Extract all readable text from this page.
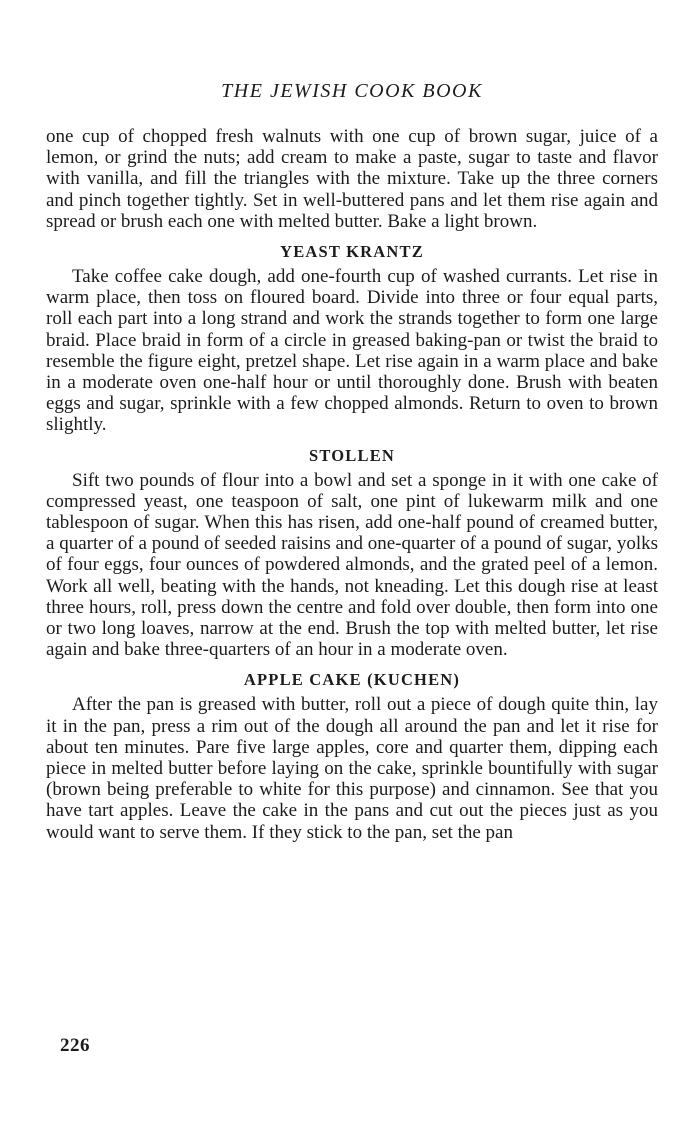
THE JEWISH COOK BOOK

one cup of chopped fresh walnuts with one cup of brown sugar, juice of a lemon, or grind the nuts; add cream to make a paste, sugar to taste and flavor with vanilla, and fill the triangles with the mixture. Take up the three corners and pinch together tightly. Set in well-buttered pans and let them rise again and spread or brush each one with melted butter. Bake a light brown.

YEAST KRANTZ

Take coffee cake dough, add one-fourth cup of washed currants. Let rise in warm place, then toss on floured board. Divide into three or four equal parts, roll each part into a long strand and work the strands together to form one large braid. Place braid in form of a circle in greased baking-pan or twist the braid to resemble the figure eight, pretzel shape. Let rise again in a warm place and bake in a moderate oven one-half hour or until thoroughly done. Brush with beaten eggs and sugar, sprinkle with a few chopped almonds. Return to oven to brown slightly.

STOLLEN

Sift two pounds of flour into a bowl and set a sponge in it with one cake of compressed yeast, one teaspoon of salt, one pint of lukewarm milk and one tablespoon of sugar. When this has risen, add one-half pound of creamed butter, a quarter of a pound of seeded raisins and one-quarter of a pound of sugar, yolks of four eggs, four ounces of powdered almonds, and the grated peel of a lemon. Work all well, beating with the hands, not kneading. Let this dough rise at least three hours, roll, press down the centre and fold over double, then form into one or two long loaves, narrow at the end. Brush the top with melted butter, let rise again and bake three-quarters of an hour in a moderate oven.

APPLE CAKE (KUCHEN)

After the pan is greased with butter, roll out a piece of dough quite thin, lay it in the pan, press a rim out of the dough all around the pan and let it rise for about ten minutes. Pare five large apples, core and quarter them, dipping each piece in melted butter before laying on the cake, sprinkle bountifully with sugar (brown being preferable to white for this purpose) and cinnamon. See that you have tart apples. Leave the cake in the pans and cut out the pieces just as you would want to serve them. If they stick to the pan, set the pan

226
